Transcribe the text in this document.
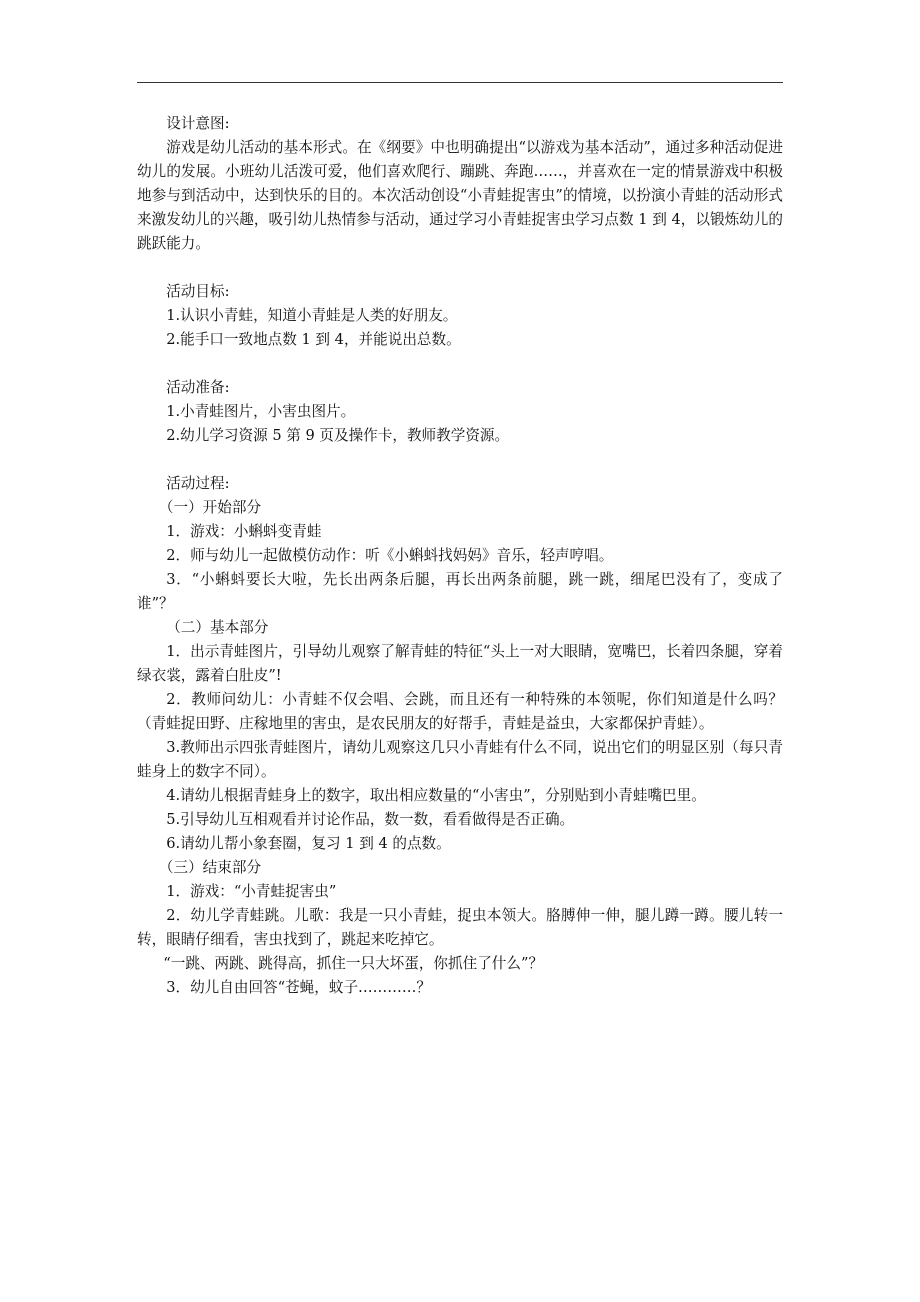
设计意图:

游戏是幼儿活动的基本形式。在《纲要》中也明确提出“以游戏为基本活动”，通过多种活动促进幼儿的发展。小班幼儿活泼可爱，他们喜欢爬行、蹦跳、奔跑……，并喜欢在一定的情景游戏中积极地参与到活动中，达到快乐的目的。本次活动创设“小青蛙捉害虫”的情境，以扮演小青蛙的活动形式来激发幼儿的兴趣，吸引幼儿热情参与活动，通过学习小青蛙捉害虫学习点数 1 到 4，以锻炼幼儿的跳跃能力。

活动目标:

1.认识小青蛙，知道小青蛙是人类的好朋友。

2.能手口一致地点数 1 到 4，并能说出总数。

活动准备:

1.小青蛙图片，小害虫图片。

2.幼儿学习资源 5 第 9 页及操作卡，教师教学资源。

活动过程:

（一）开始部分

1．游戏：小蝌蚪变青蛙

2．师与幼儿一起做模仿动作：听《小蝌蚪找妈妈》音乐，轻声哼唱。

3．“小蝌蚪要长大啦，先长出两条后腿，再长出两条前腿，跳一跳，细尾巴没有了，变成了谁”？

（二）基本部分

1．出示青蛙图片，引导幼儿观察了解青蛙的特征“头上一对大眼睛，宽嘴巴，长着四条腿，穿着绿衣裳，露着白肚皮”!

2．教师问幼儿：小青蛙不仅会唱、会跳，而且还有一种特殊的本领呢，你们知道是什么吗？（青蛙捉田野、庄稼地里的害虫，是农民朋友的好帮手，青蛙是益虫，大家都保护青蛙）。

3.教师出示四张青蛙图片，请幼儿观察这几只小青蛙有什么不同，说出它们的明显区别（每只青蛙身上的数字不同）。

4.请幼儿根据青蛙身上的数字，取出相应数量的“小害虫”，分别贴到小青蛙嘴巴里。

5.引导幼儿互相观看并讨论作品，数一数，看看做得是否正确。

6.请幼儿帮小象套圈，复习 1 到 4 的点数。

（三）结束部分

1．游戏：“小青蛙捉害虫”

2．幼儿学青蛙跳。儿歌：我是一只小青蛙，捉虫本领大。胳膊伸一伸，腿儿蹲一蹲。腰儿转一转，眼睛仔细看，害虫找到了，跳起来吃掉它。

“一跳、两跳、跳得高，抓住一只大坏蛋，你抓住了什么”？

3．幼儿自由回答“苍蝇，蚊子…………？
